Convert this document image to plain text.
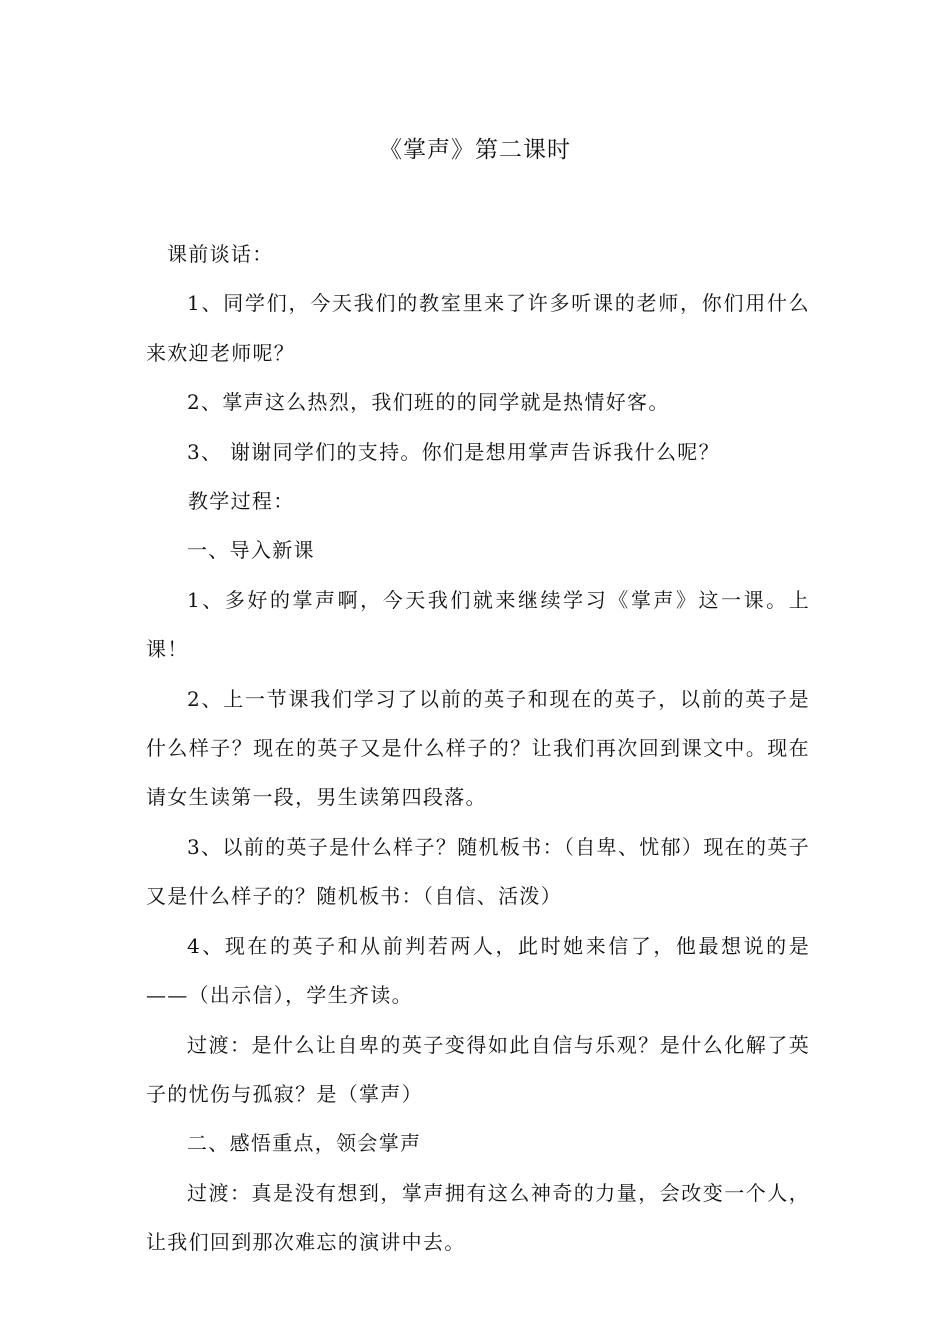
《掌声》第二课时

课前谈话：

1、同学们，今天我们的教室里来了许多听课的老师，你们用什么来欢迎老师呢？

2、掌声这么热烈，我们班的的同学就是热情好客。

3、 谢谢同学们的支持。你们是想用掌声告诉我什么呢？

教学过程：

一、导入新课

1、多好的掌声啊，今天我们就来继续学习《掌声》这一课。上课！

2、上一节课我们学习了以前的英子和现在的英子，以前的英子是什么样子？现在的英子又是什么样子的？让我们再次回到课文中。现在请女生读第一段，男生读第四段落。

3、以前的英子是什么样子？随机板书：（自卑、忧郁）现在的英子又是什么样子的？随机板书：（自信、活泼）

4、现在的英子和从前判若两人，此时她来信了，他最想说的是——（出示信），学生齐读。

过渡：是什么让自卑的英子变得如此自信与乐观？是什么化解了英子的忧伤与孤寂？是（掌声）

二、感悟重点，领会掌声

过渡：真是没有想到，掌声拥有这么神奇的力量，会改变一个人，让我们回到那次难忘的演讲中去。
